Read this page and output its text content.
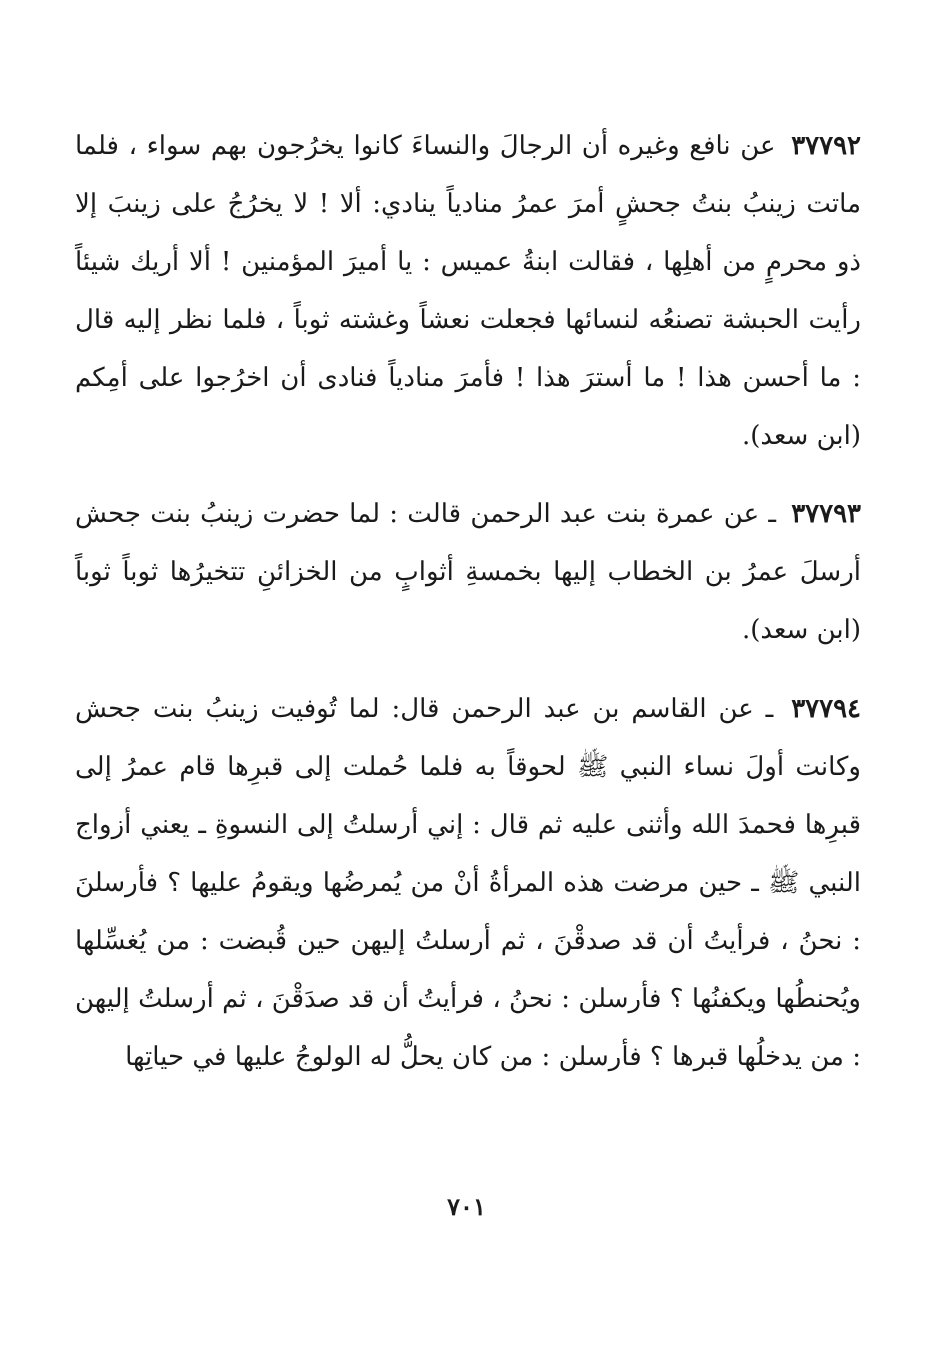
٣٧٧٩٢ عن نافع وغيره أن الرجالَ والنساءَ كانوا يخرُجون بهم سواء ، فلما ماتت زينبُ بنتُ جحشٍ أمرَ عمرُ منادياً ينادي: ألا ! لا يخرُجُ على زينبَ إلا ذو محرمٍ من أهلِها ، فقالت ابنةُ عميس : يا أميرَ المؤمنين ! ألا أريك شيئاً رأيت الحبشة تصنعُه لنسائها فجعلت نعشاً وغشته ثوباً ، فلما نظر إليه قال : ما أحسن هذا ! ما أسترَ هذا ! فأمرَ منادياً فنادى أن اخرُجوا على أمِكم (ابن سعد).

٣٧٧٩٣ ـ عن عمرة بنت عبد الرحمن قالت : لما حضرت زينبُ بنت جحش أرسلَ عمرُ بن الخطاب إليها بخمسةِ أثوابٍ من الخزائنِ تتخيرُها ثوباً ثوباً (ابن سعد).

٣٧٧٩٤ ـ عن القاسم بن عبد الرحمن قال: لما تُوفيت زينبُ بنت جحش وكانت أولَ نساء النبي ﷺ لحوقاً به فلما حُملت إلى قبرِها قام عمرُ إلى قبرِها فحمدَ الله وأثنى عليه ثم قال : إني أرسلتُ إلى النسوةِ ـ يعني أزواج النبي ﷺ ـ حين مرضت هذه المرأةُ أنْ من يُمرضُها ويقومُ عليها ؟ فأرسلنَ : نحنُ ، فرأيتُ أن قد صدقْنَ ، ثم أرسلتُ إليهن حين قُبضت : من يُغسِّلها ويُحنطُها ويكفنُها ؟ فأرسلن : نحنُ ، فرأيتُ أن قد صدَقْنَ ، ثم أرسلتُ إليهن : من يدخلُها قبرها ؟ فأرسلن : من كان يحلُّ له الولوجُ عليها في حياتِها

٧٠١
